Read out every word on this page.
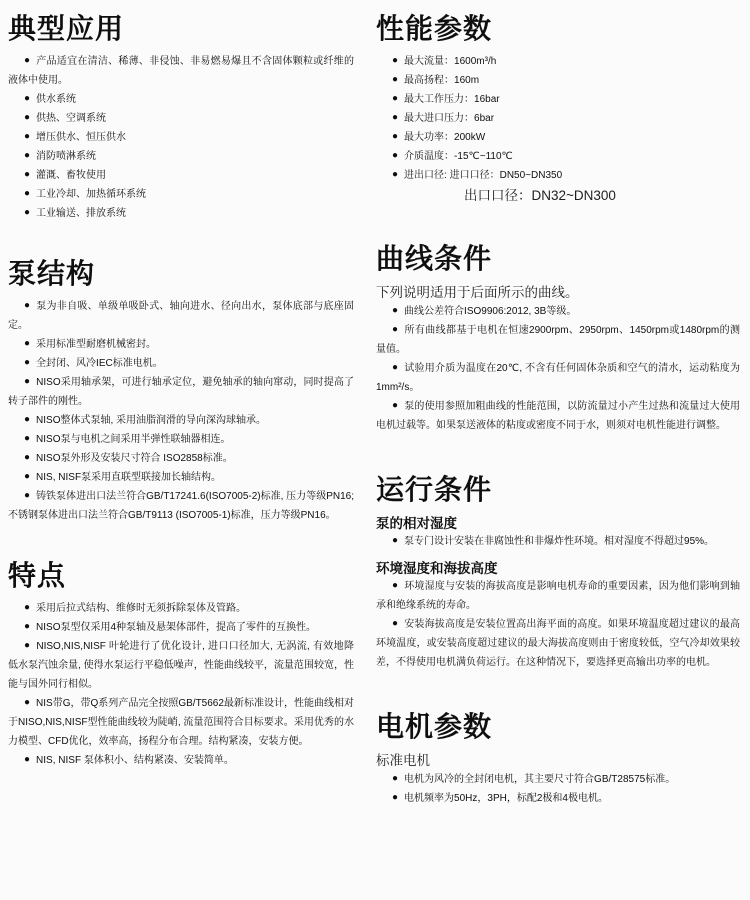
典型应用

● 产品适宜在清洁、稀薄、非侵蚀、非易燃易爆且不含固体颗粒或纤维的液体中使用。

● 供水系统

● 供热、空调系统

● 增压供水、恒压供水

● 消防喷淋系统

● 灌溉、畜牧使用

● 工业冷却、加热循环系统

● 工业输送、排放系统

泵结构

● 泵为非自吸、单级单吸卧式、轴向进水、径向出水，泵体底部与底座固定。

● 采用标准型耐磨机械密封。

● 全封闭、风冷IEC标准电机。

● NISO采用轴承架，可进行轴承定位，避免轴承的轴向窜动，同时提高了转子部件的刚性。

● NISO整体式泵轴, 采用油脂润滑的导向深沟球轴承。

● NISO泵与电机之间采用半弹性联轴器相连。

● NISO泵外形及安装尺寸符合 ISO2858标准。

● NIS, NISF泵采用直联型联接加长轴结构。

● 铸铁泵体进出口法兰符合GB/T17241.6(ISO7005-2)标准, 压力等级PN16; 不锈钢泵体进出口法兰符合GB/T9113 (ISO7005-1)标准，压力等级PN16。

特点

● 采用后拉式结构、维修时无须拆除泵体及管路。

● NISO泵型仅采用4种泵轴及悬架体部件，提高了零件的互换性。

● NISO,NIS,NISF 叶轮进行了优化设计, 进口口径加大, 无涡流, 有效地降低水泵汽蚀余量, 使得水泵运行平稳低噪声，性能曲线较平，流量范围较宽，性能与国外同行相似。

● NIS带G，带Q系列产品完全按照GB/T5662最新标准设计，性能曲线相对于NISO,NIS,NISF型性能曲线较为陡峭, 流量范围符合目标要求。采用优秀的水力模型、CFD优化，效率高，扬程分布合理。结构紧凑，安装方便。

● NIS, NISF 泵体积小、结构紧凑、安装简单。

性能参数

● 最大流量：1600m³/h

● 最高扬程：160m

● 最大工作压力：16bar

● 最大进口压力：6bar

● 最大功率：200kW

● 介质温度：-15℃~110℃

● 进出口径: 进口口径：DN50~DN350

出口口径：DN32~DN300

曲线条件

下列说明适用于后面所示的曲线。

● 曲线公差符合ISO9906:2012, 3B等级。

● 所有曲线都基于电机在恒速2900rpm、2950rpm、1450rpm或1480rpm的测量值。

● 试验用介质为温度在20℃, 不含有任何固体杂质和空气的清水，运动粘度为1mm²/s。

● 泵的使用参照加粗曲线的性能范围，以防流量过小产生过热和流量过大使用电机过载等。如果泵送液体的粘度或密度不同于水，则须对电机性能进行调整。

运行条件

泵的相对湿度

● 泵专门设计安装在非腐蚀性和非爆炸性环境。相对湿度不得超过95%。

环境湿度和海拔高度

● 环境湿度与安装的海拔高度是影响电机寿命的重要因素，因为他们影响到轴承和绝缘系统的寿命。

● 安装海拔高度是安装位置高出海平面的高度。如果环境温度超过建议的最高环境温度，或安装高度超过建议的最大海拔高度则由于密度较低，空气冷却效果较差，不得使用电机满负荷运行。在这种情况下，要选择更高输出功率的电机。

电机参数

标准电机

● 电机为风冷的全封闭电机，其主要尺寸符合GB/T28575标准。

● 电机频率为50Hz，3PH，标配2极和4极电机。
